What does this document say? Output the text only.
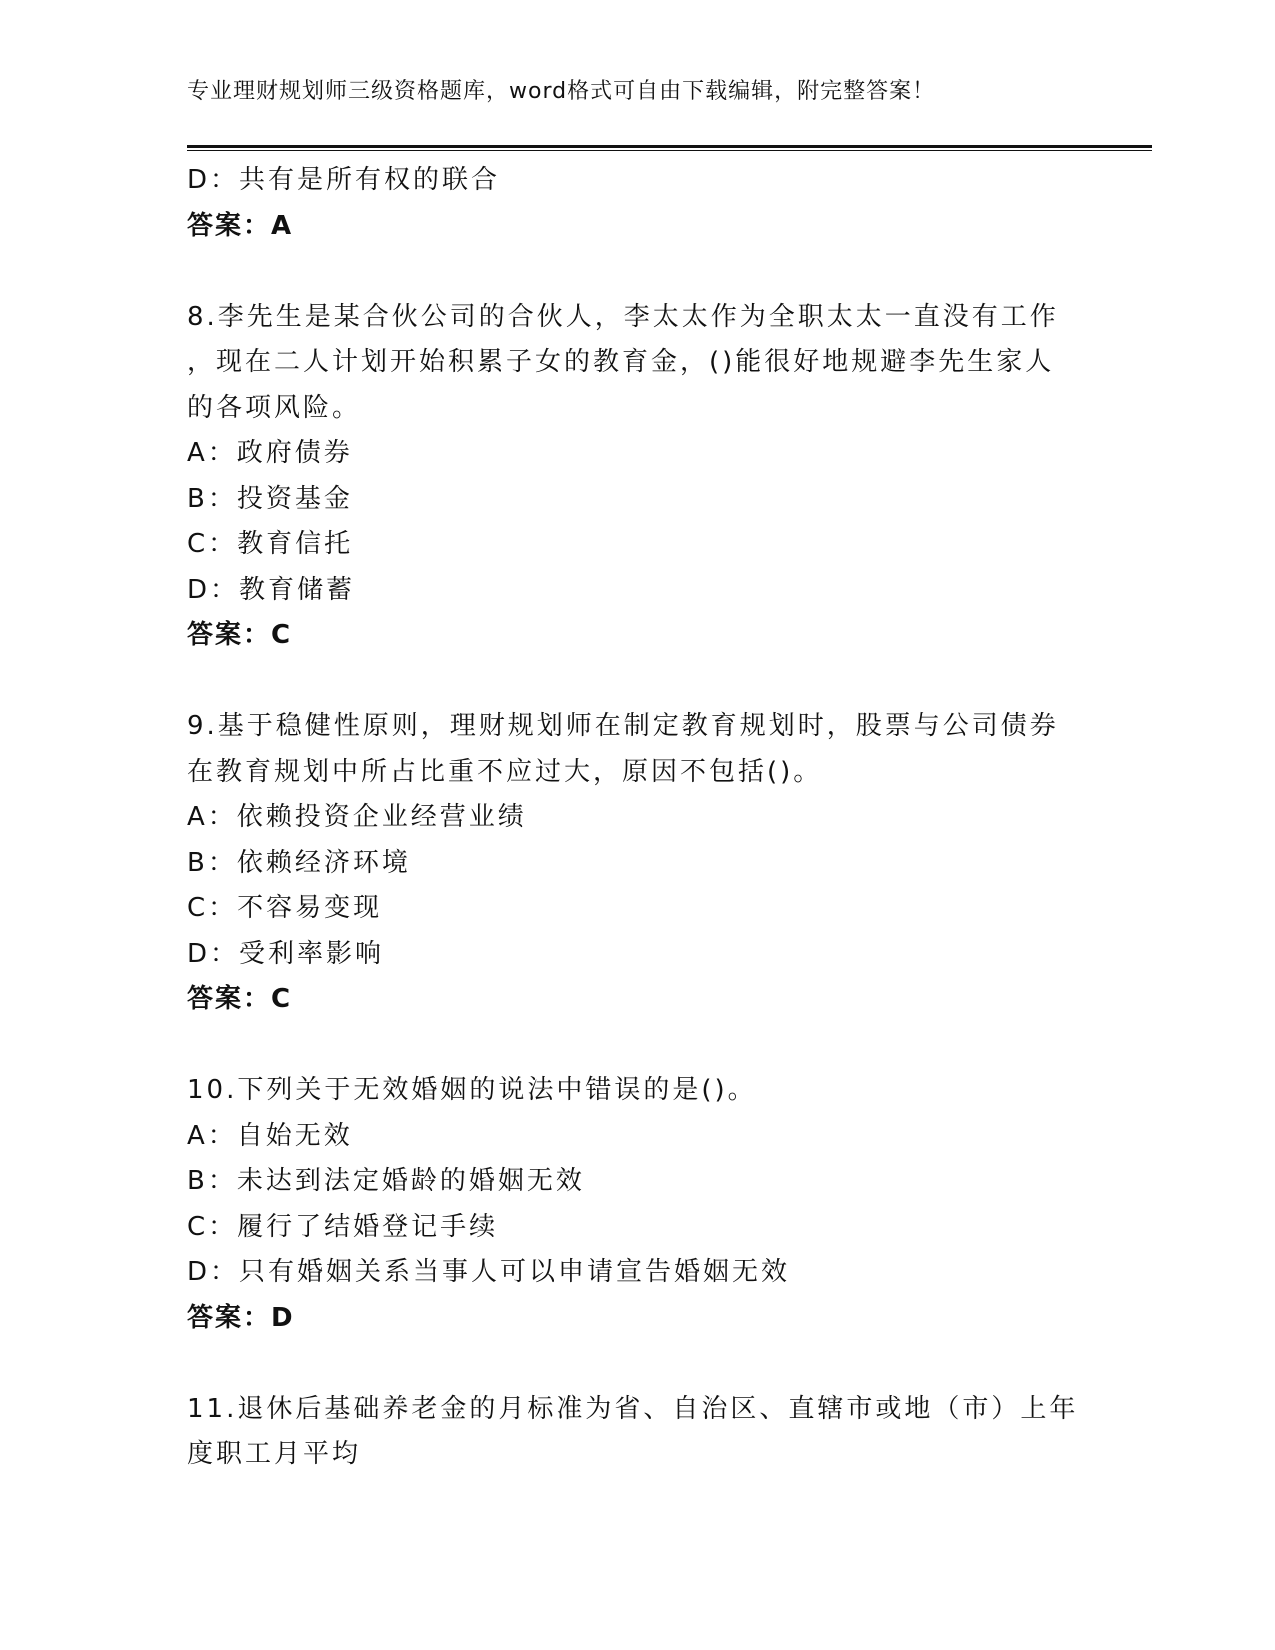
专业理财规划师三级资格题库，word格式可自由下载编辑，附完整答案！
D：共有是所有权的联合
答案：A
8.李先生是某合伙公司的合伙人，李太太作为全职太太一直没有工作
，现在二人计划开始积累子女的教育金，()能很好地规避李先生家人
的各项风险。
A：政府债券
B：投资基金
C：教育信托
D：教育储蓄
答案：C
9.基于稳健性原则，理财规划师在制定教育规划时，股票与公司债券
在教育规划中所占比重不应过大，原因不包括()。
A：依赖投资企业经营业绩
B：依赖经济环境
C：不容易变现
D：受利率影响
答案：C
10.下列关于无效婚姻的说法中错误的是()。
A：自始无效
B：未达到法定婚龄的婚姻无效
C：履行了结婚登记手续
D：只有婚姻关系当事人可以申请宣告婚姻无效
答案：D
11.退休后基础养老金的月标准为省、自治区、直辖市或地（市）上年
度职工月平均
